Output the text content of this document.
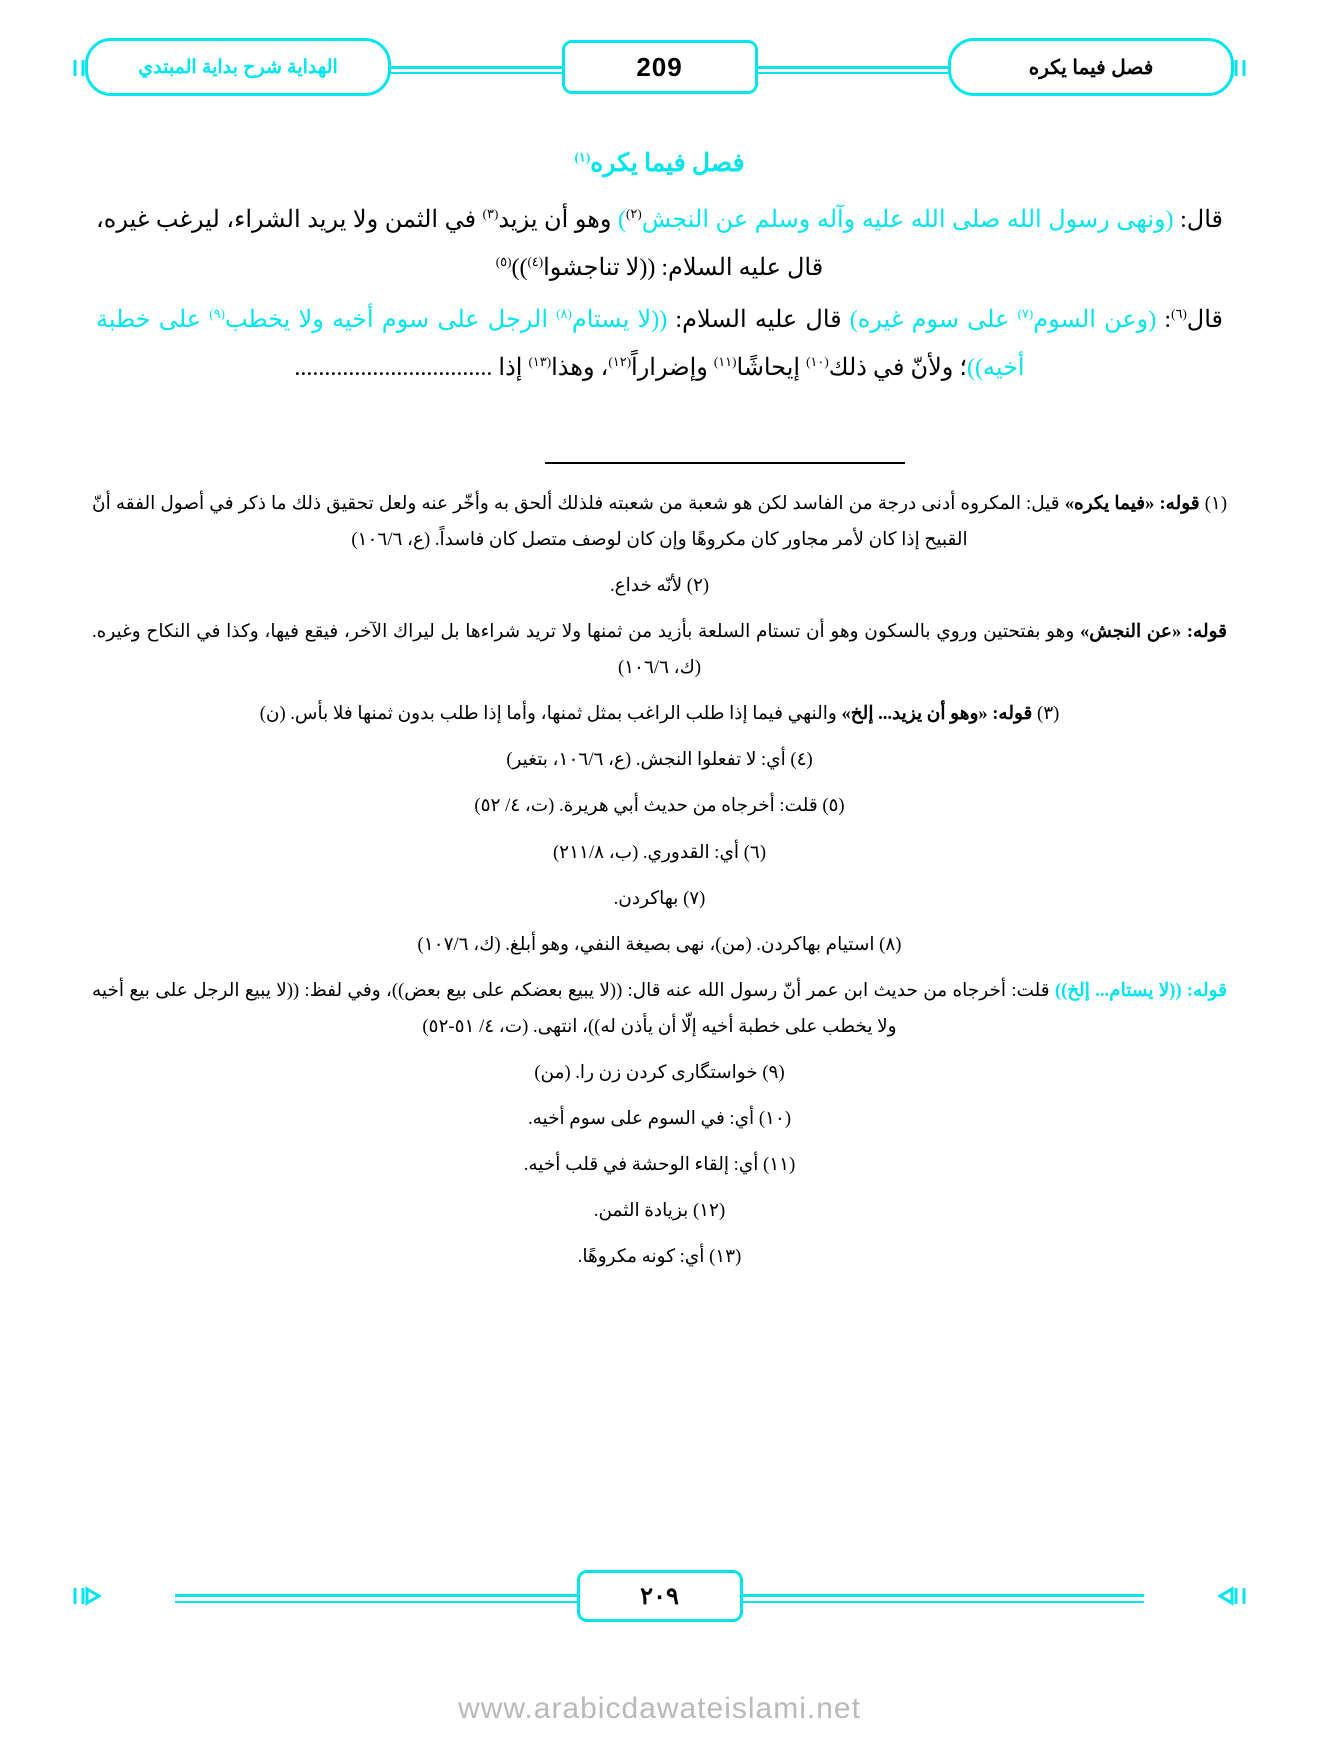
فصل فيما يكره
209
الهداية شرح بداية المبتدي
فصل فيما يكره$^{(١)}$

قال: (ونهى رسول الله صلى الله عليه وآله وسلم عن النجش$^{(٢)}$) وهو أن يزيد$^{(٣)}$ في الثمن ولا يريد الشراء، ليرغب غيره، قال عليه السلام: ((لا تناجشوا$^{(٤)}$))$^{(٥)}$

قال$^{(٦)}$: (وعن السوم$^{(٧)}$ على سوم غيره) قال عليه السلام: ((لا يستام$^{(٨)}$ الرجل على سوم أخيه ولا يخطب$^{(٩)}$ على خطبة أخيه))؛ ولأنّ في ذلك$^{(١٠)}$ إيحاشًا$^{(١١)}$ وإضراراً$^{(١٢)}$، وهذا$^{(١٣)}$ إذا .................................

(١) قوله: «فيما يكره» قيل: المكروه أدنى درجة من الفاسد لكن هو شعبة من شعبته فلذلك ألحق به وأخّر عنه ولعل تحقيق ذلك ما ذكر في أصول الفقه أنّ القبيح إذا كان لأمر مجاور كان مكروهًا وإن كان لوصف متصل كان فاسداً. (ع، ١٠٦/٦)

(٢) لأنّه خداع.

قوله: «عن النجش» وهو بفتحتين وروي بالسكون وهو أن تستام السلعة بأزيد من ثمنها ولا تريد شراءها بل ليراك الآخر، فيقع فيها، وكذا في النكاح وغيره. (ك، ١٠٦/٦)

(٣) قوله: «وهو أن يزيد... إلخ» والنهي فيما إذا طلب الراغب بمثل ثمنها، وأما إذا طلب بدون ثمنها فلا بأس. (ن)

(٤) أي: لا تفعلوا النجش. (ع، ١٠٦/٦، بتغير)

(٥) قلت: أخرجاه من حديث أبي هريرة. (ت، ٤/ ٥٢)

(٦) أي: القدوري. (ب، ٢١١/٨)

(٧) بهاكردن.

(٨) استيام بهاكردن. (من)، نهى بصيغة النفي، وهو أبلغ. (ك، ١٠٧/٦)

قوله: ((لا يستام... إلخ)) قلت: أخرجاه من حديث ابن عمر أنّ رسول الله عنه قال: ((لا يبيع بعضكم على بيع بعض))، وفي لفظ: ((لا يبيع الرجل على بيع أخيه ولا يخطب على خطبة أخيه إلّا أن يأذن له))، انتهى. (ت، ٤/ ٥١-٥٢)

(٩) خواستگاری کردن زن را. (من)

(١٠) أي: في السوم على سوم أخيه.

(١١) أي: إلقاء الوحشة في قلب أخيه.

(١٢) بزيادة الثمن.

(١٣) أي: كونه مكروهًا.

٢٠٩
www.arabicdawateislami.net
